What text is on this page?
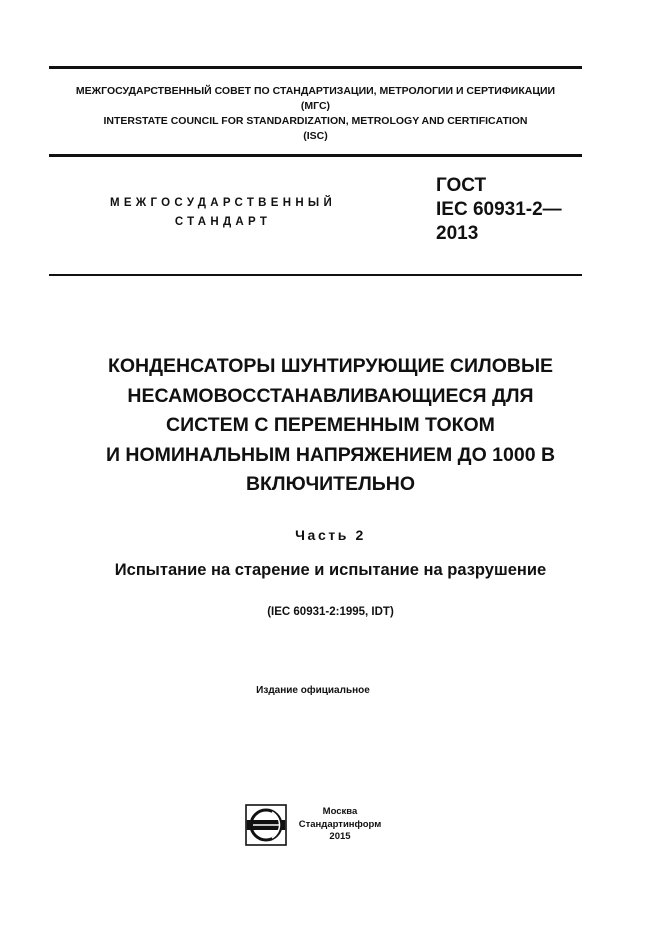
МЕЖГОСУДАРСТВЕННЫЙ СОВЕТ ПО СТАНДАРТИЗАЦИИ, МЕТРОЛОГИИ И СЕРТИФИКАЦИИ
(МГС)
INTERSTATE COUNCIL FOR STANDARDIZATION, METROLOGY AND CERTIFICATION
(ISC)
МЕЖГОСУДАРСТВЕННЫЙ
СТАНДАРТ
ГОСТ
IEC 60931-2—
2013
КОНДЕНСАТОРЫ ШУНТИРУЮЩИЕ СИЛОВЫЕ
НЕСАМОВОССТАНАВЛИВАЮЩИЕСЯ ДЛЯ
СИСТЕМ С ПЕРЕМЕННЫМ ТОКОМ
И НОМИНАЛЬНЫМ НАПРЯЖЕНИЕМ ДО 1000 В
ВКЛЮЧИТЕЛЬНО
Часть 2
Испытание на старение и испытание на разрушение
(IEC 60931-2:1995, IDT)
Издание официальное
Москва
Стандартинформ
2015
